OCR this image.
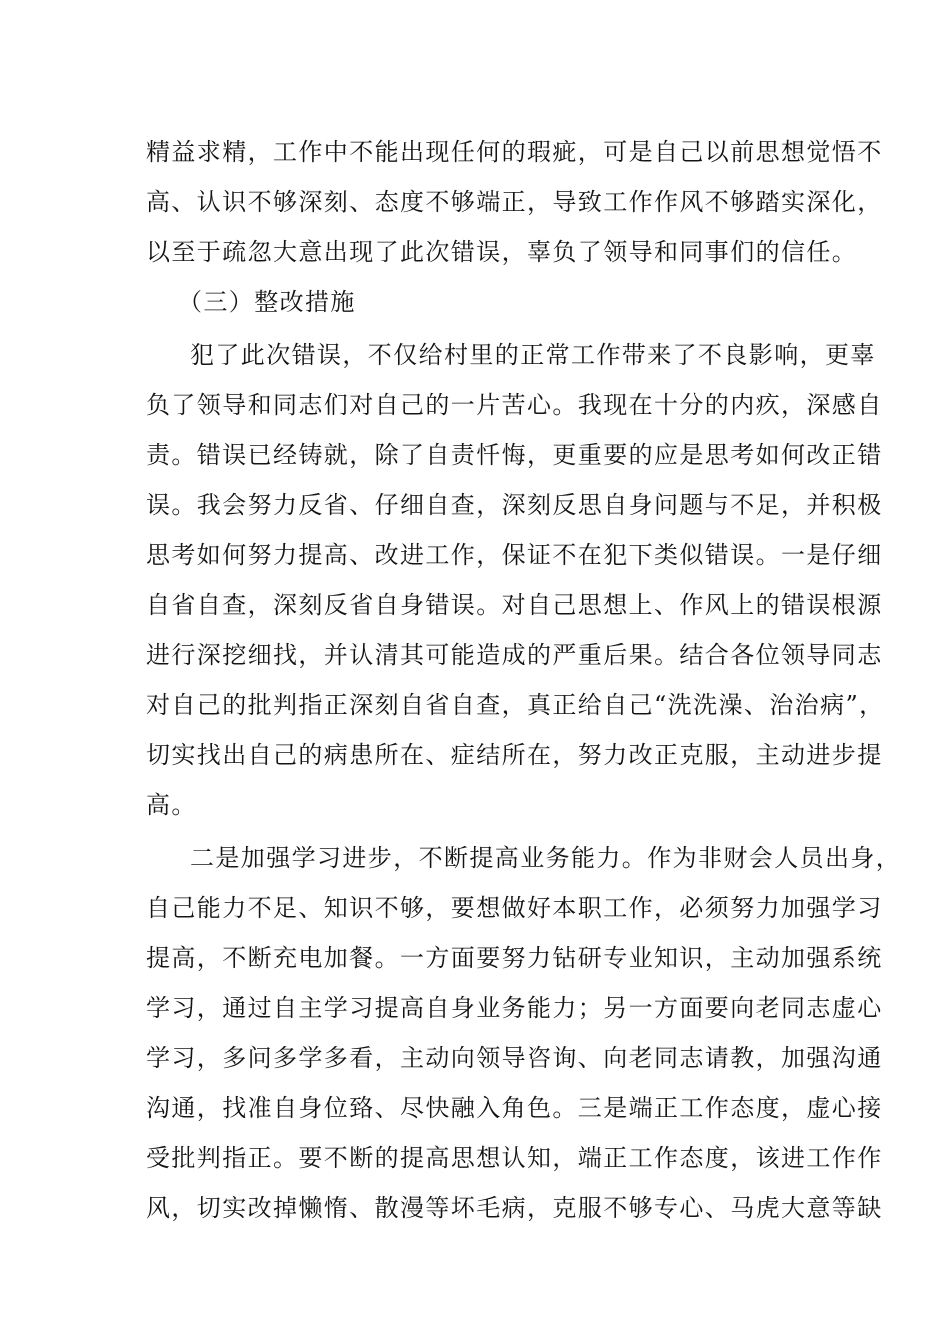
精益求精，工作中不能出现任何的瑕疵，可是自己以前思想觉悟不
高、认识不够深刻、态度不够端正，导致工作作风不够踏实深化，
以至于疏忽大意出现了此次错误，辜负了领导和同事们的信任。
（三）整改措施
犯了此次错误，不仅给村里的正常工作带来了不良影响，更辜
负了领导和同志们对自己的一片苦心。我现在十分的内疚，深感自
责。错误已经铸就，除了自责忏悔，更重要的应是思考如何改正错
误。我会努力反省、仔细自查，深刻反思自身问题与不足，并积极
思考如何努力提高、改进工作，保证不在犯下类似错误。一是仔细
自省自查，深刻反省自身错误。对自己思想上、作风上的错误根源
进行深挖细找，并认清其可能造成的严重后果。结合各位领导同志
对自己的批判指正深刻自省自查，真正给自己“洗洗澡、治治病”，
切实找出自己的病患所在、症结所在，努力改正克服，主动进步提
高。
二是加强学习进步，不断提高业务能力。作为非财会人员出身，
自己能力不足、知识不够，要想做好本职工作，必须努力加强学习
提高，不断充电加餐。一方面要努力钻研专业知识，主动加强系统
学习，通过自主学习提高自身业务能力；另一方面要向老同志虚心
学习，多问多学多看，主动向领导咨询、向老同志请教，加强沟通
沟通，找准自身位臵、尽快融入角色。三是端正工作态度，虚心接
受批判指正。要不断的提高思想认知，端正工作态度，该进工作作
风，切实改掉懒惰、散漫等坏毛病，克服不够专心、马虎大意等缺
